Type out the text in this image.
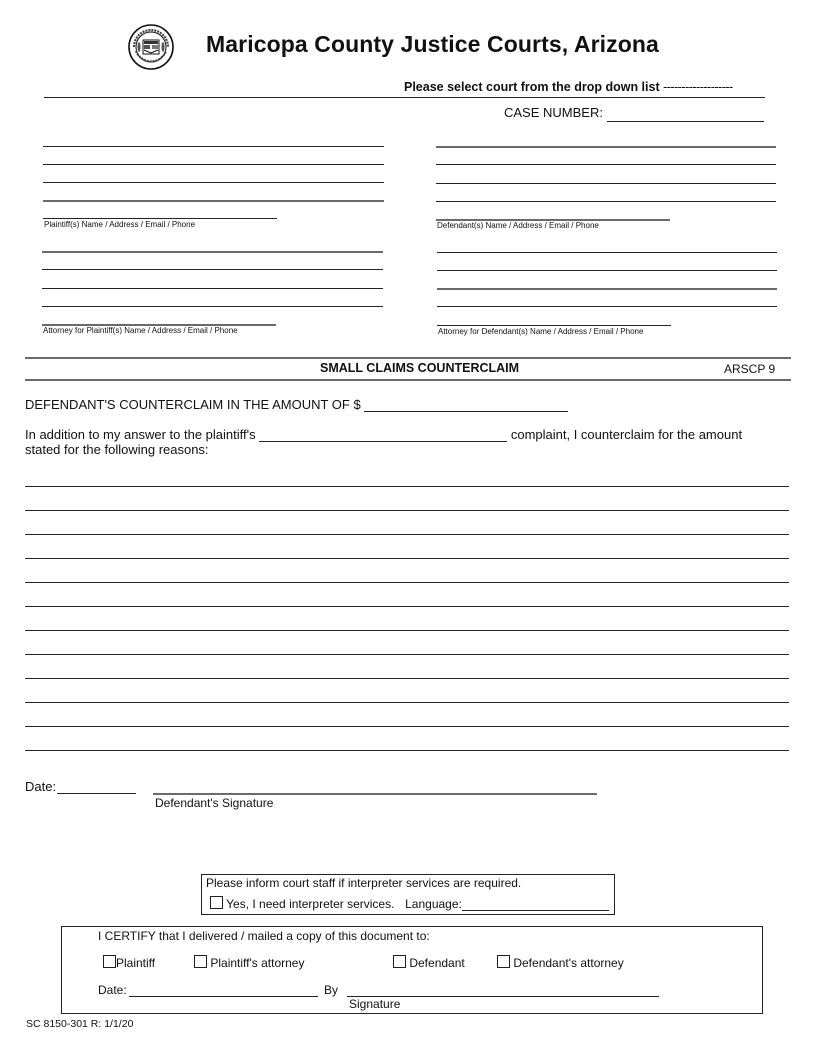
Maricopa County Justice Courts, Arizona
Please select court from the drop down list -------------------
CASE NUMBER:
Plaintiff(s) Name / Address / Email / Phone	Defendant(s) Name / Address / Email / Phone
Attorney for Plaintiff(s) Name / Address / Email / Phone	Attorney for Defendant(s) Name / Address / Email / Phone
SMALL CLAIMS COUNTERCLAIM	ARSCP 9
DEFENDANT'S COUNTERCLAIM IN THE AMOUNT OF $
In addition to my answer to the plaintiff's	complaint, I counterclaim for the amount
stated for the following reasons:
Date:
Defendant's Signature
Please inform court staff if interpreter services are required.
Yes, I need interpreter services. Language:
I CERTIFY that I delivered / mailed a copy of this document to:
Plaintiff	Plaintiff's attorney	Defendant	Defendant's attorney
Date:	By
Signature
SC 8150-301 R: 1/1/20
